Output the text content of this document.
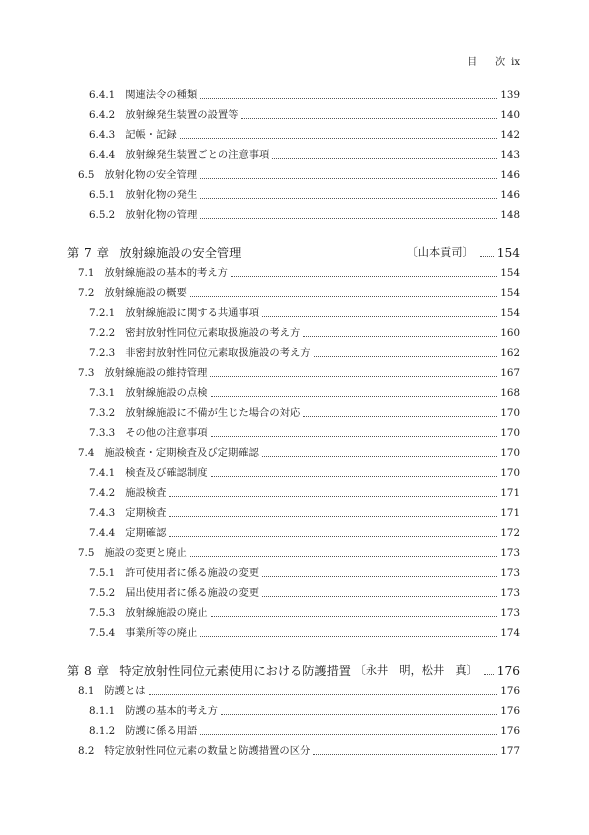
目　次 ix
6.4.1 関連法令の種類	139
6.4.2 放射線発生装置の設置等	140
6.4.3 記帳・記録	142
6.4.4 放射線発生装置ごとの注意事項	143
6.5 放射化物の安全管理	146
6.5.1 放射化物の発生	146
6.5.2 放射化物の管理	148
第 7 章 放射線施設の安全管理	〔山本貢司〕 154
7.1 放射線施設の基本的考え方	154
7.2 放射線施設の概要	154
7.2.1 放射線施設に関する共通事項	154
7.2.2 密封放射性同位元素取扱施設の考え方	160
7.2.3 非密封放射性同位元素取扱施設の考え方	162
7.3 放射線施設の維持管理	167
7.3.1 放射線施設の点検	168
7.3.2 放射線施設に不備が生じた場合の対応	170
7.3.3 その他の注意事項	170
7.4 施設検査・定期検査及び定期確認	170
7.4.1 検査及び確認制度	170
7.4.2 施設検査	171
7.4.3 定期検査	171
7.4.4 定期確認	172
7.5 施設の変更と廃止	173
7.5.1 許可使用者に係る施設の変更	173
7.5.2 届出使用者に係る施設の変更	173
7.5.3 放射線施設の廃止	173
7.5.4 事業所等の廃止	174
第 8 章 特定放射性同位元素使用における防護措置 〔永井　明，松井　真〕 176
8.1 防護とは	176
8.1.1 防護の基本的考え方	176
8.1.2 防護に係る用語	176
8.2 特定放射性同位元素の数量と防護措置の区分	177
